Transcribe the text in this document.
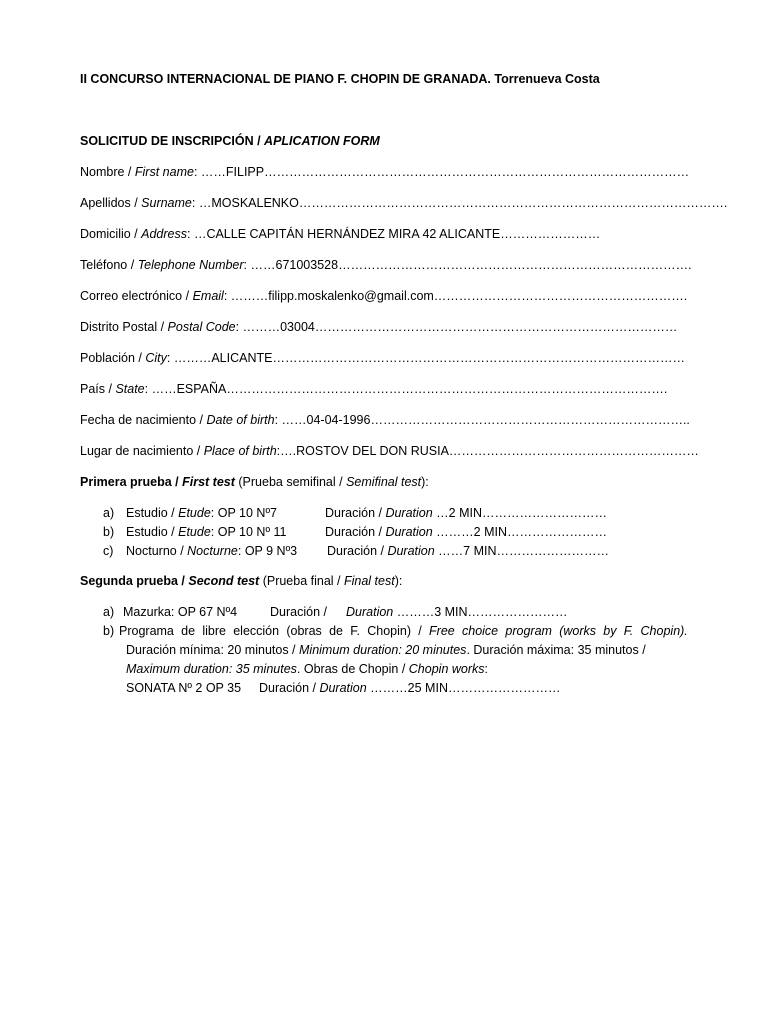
II CONCURSO INTERNACIONAL DE PIANO F. CHOPIN DE GRANADA. Torrenueva Costa
SOLICITUD DE INSCRIPCIÓN / APLICATION FORM
Nombre / First name: ……FILIPP…………………………………………………………………………………………
Apellidos / Surname: …MOSKALENKO………………………………………………………………………………………….
Domicilio / Address: …CALLE CAPITÁN HERNÁNDEZ MIRA 42 ALICANTE……………………
Teléfono / Telephone Number: ……671003528………………………………………………………………………….
Correo electrónico / Email: ………filipp.moskalenko@gmail.com…………………………………………………….
Distrito Postal / Postal Code: ………03004……………………………………………………………………………
Población / City: ………ALICANTE………………………………………………………………………………………
País / State: ……ESPAÑA…………………………………………………………………………………………….
Fecha de nacimiento / Date of birth: ……04-04-1996…………………………………………………………………..
Lugar de nacimiento / Place of birth:….ROSTOV DEL DON RUSIA……………………………………………………
Primera prueba / First test (Prueba semifinal / Semifinal test):
a) Estudio / Etude: OP 10 Nº7	Duración / Duration …2 MIN…………………………
b) Estudio / Etude: OP 10 Nº 11	Duración / Duration ………2 MIN……………………
c) Nocturno / Nocturne: OP 9 Nº3 Duración / Duration ……7 MIN………………………
Segunda prueba / Second test (Prueba final / Final test):
a) Mazurka: OP 67 Nº4	Duración / Duration ………3 MIN……………………
b) Programa de libre elección (obras de F. Chopin) / Free choice program (works by F. Chopin).
Duración mínima: 20 minutos / Minimum duration: 20 minutes. Duración máxima: 35 minutos /
Maximum duration: 35 minutes. Obras de Chopin / Chopin works:
SONATA Nº 2 OP 35 Duración / Duration ………25 MIN………………………
